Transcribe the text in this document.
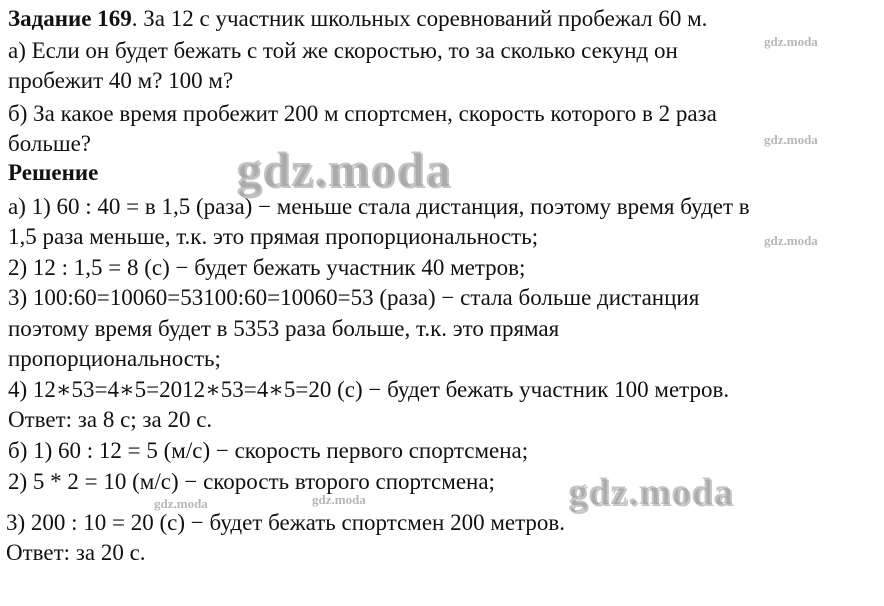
Задание 169. За 12 с участник школьных соревнований пробежал 60 м.
а) Если он будет бежать с той же скоростью, то за сколько секунд он
пробежит 40 м? 100 м?
б) За какое время пробежит 200 м спортсмен, скорость которого в 2 раза
больше?
Решение
а) 1) 60 : 40 = в 1,5 (раза) − меньше стала дистанция, поэтому время будет в
1,5 раза меньше, т.к. это прямая пропорциональность;
2) 12 : 1,5 = 8 (с) − будет бежать участник 40 метров;
3) 100:60=10060=53100:60=10060=53 (раза) − стала больше дистанция
поэтому время будет в 5353 раза больше, т.к. это прямая
пропорциональность;
4) 12∗53=4∗5=2012∗53=4∗5=20 (с) − будет бежать участник 100 метров.
Ответ: за 8 с; за 20 с.
б) 1) 60 : 12 = 5 (м/с) − скорость первого спортсмена;
2) 5 * 2 = 10 (м/с) − скорость второго спортсмена;
3) 200 : 10 = 20 (с) − будет бежать спортсмен 200 метров.
Ответ: за 20 с.
gdz.moda
gdz.moda
gdz.moda
gdz.moda
gdz.moda
gdz.moda	gdz.moda
